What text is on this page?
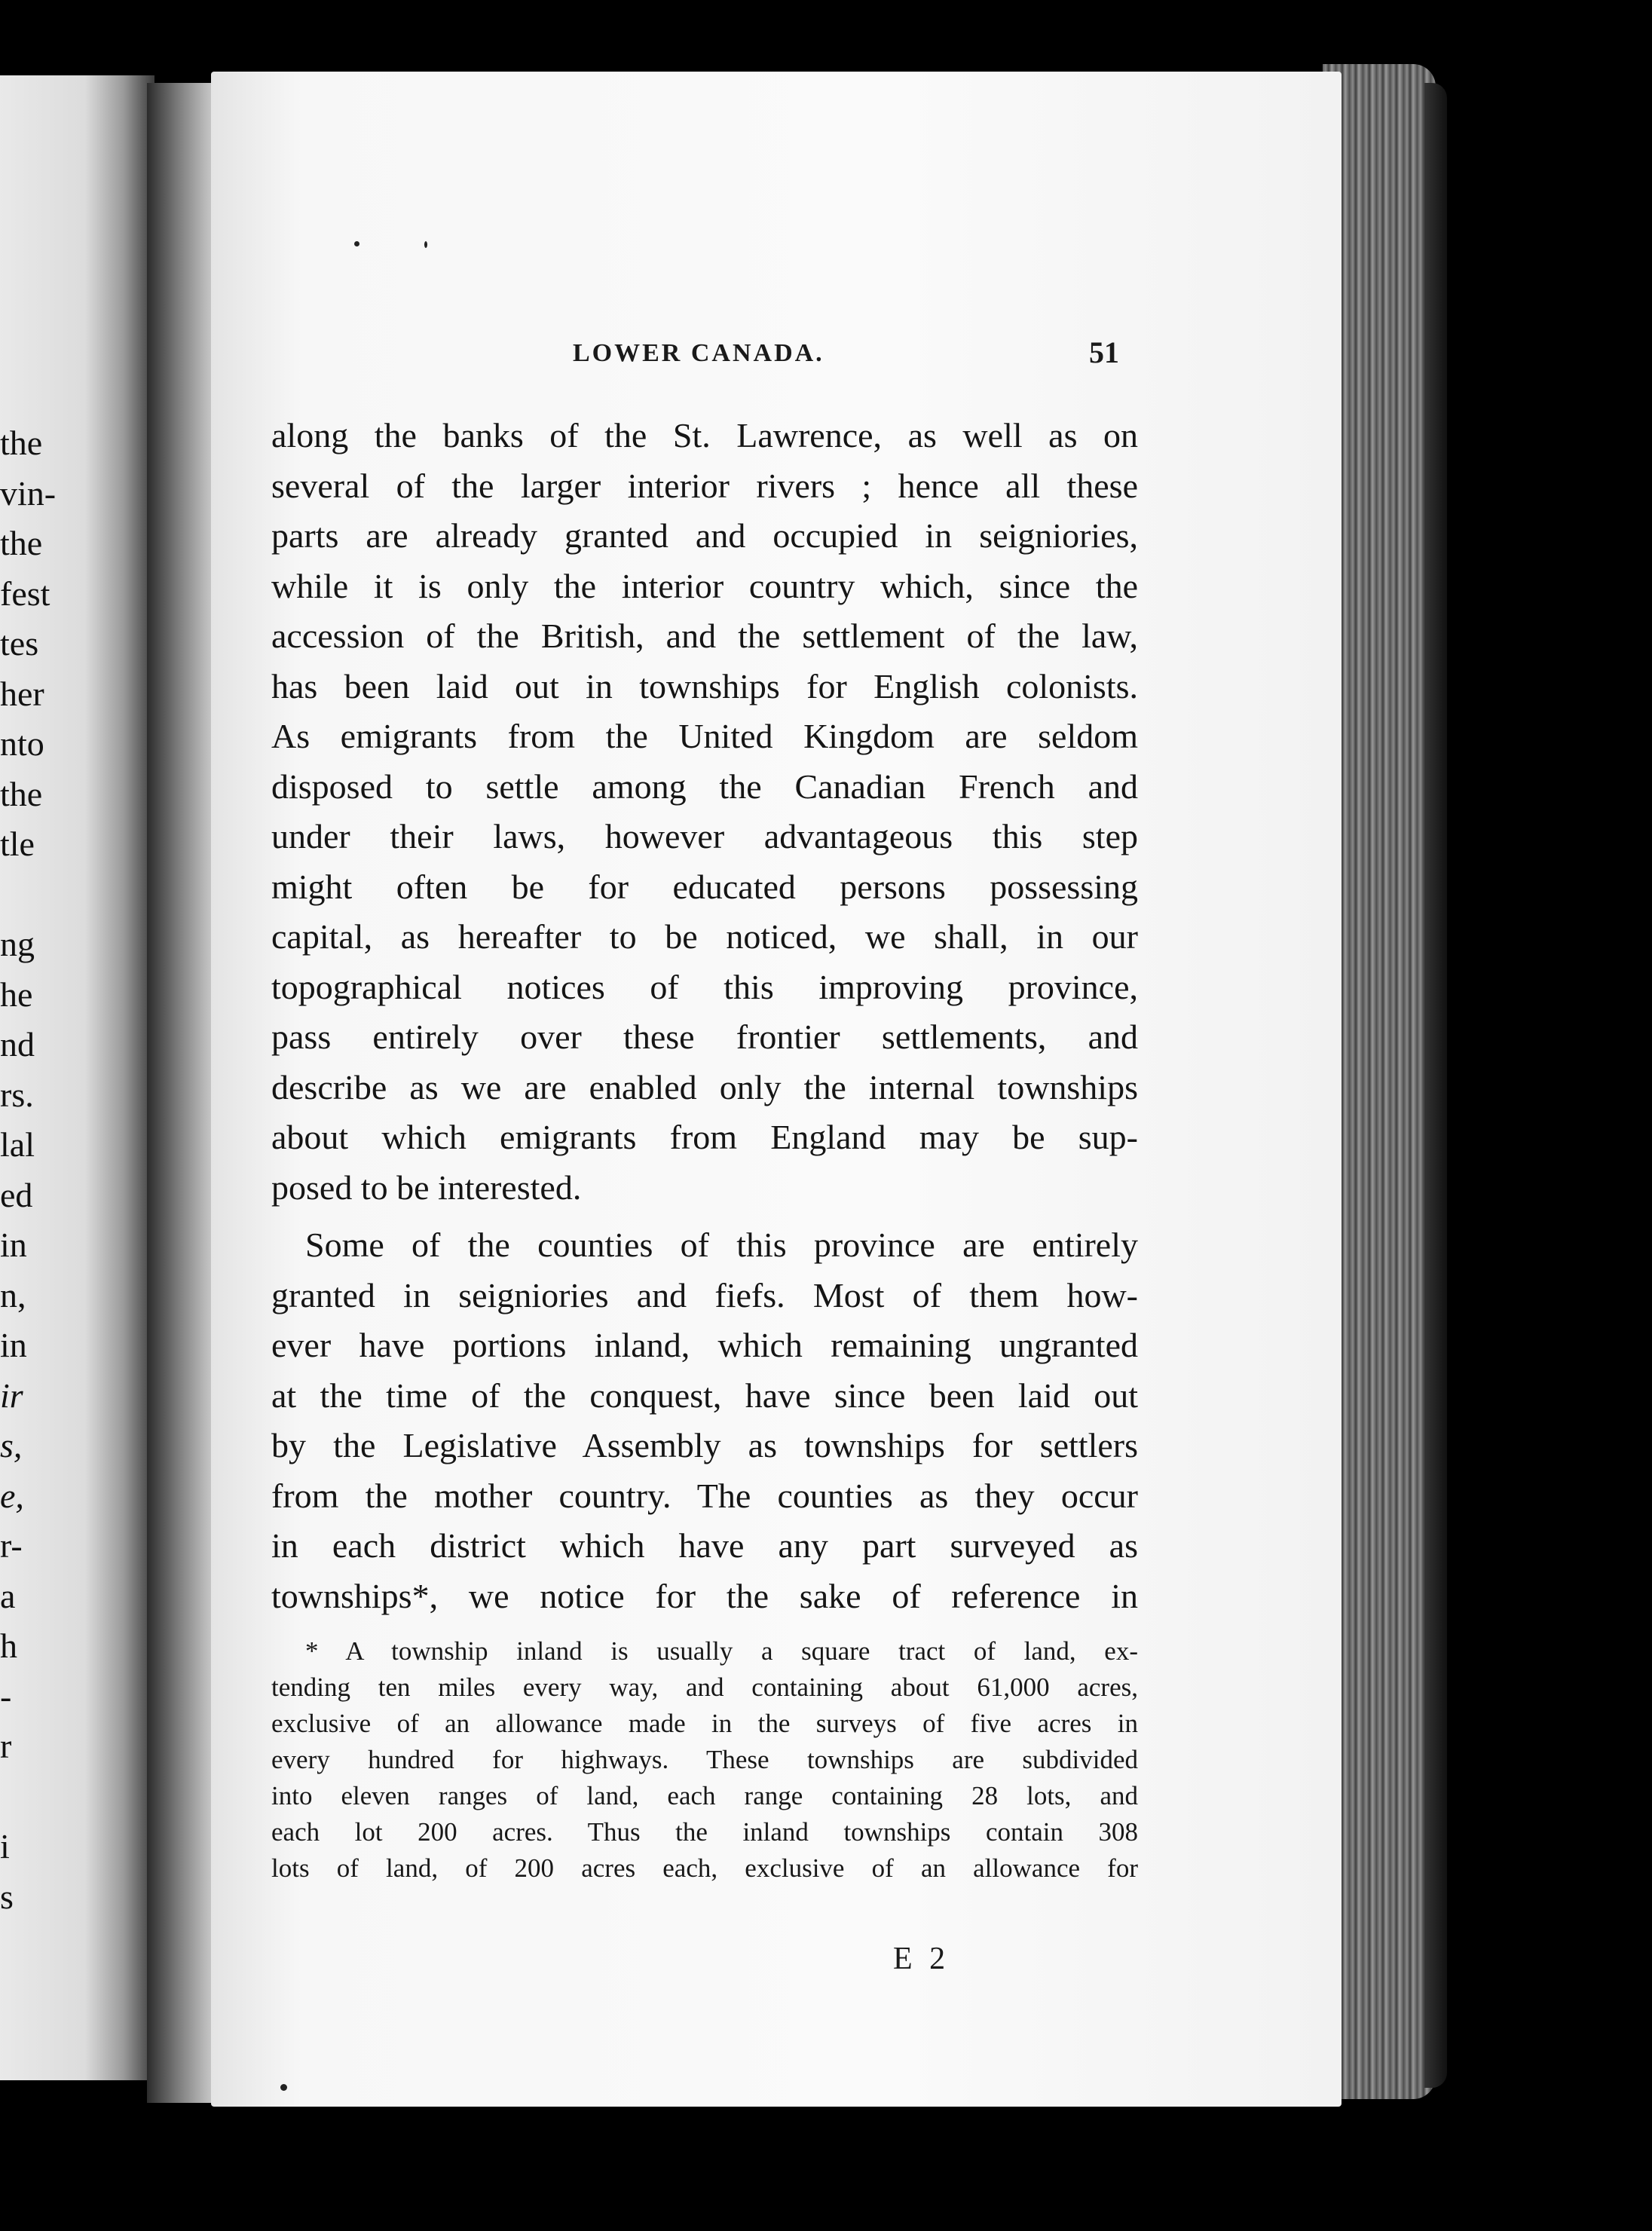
the
vin-
the
fest
tes
her
nto
the
tle
ng
he
nd
rs.
lal
ed
in
n,
in
ir
s,
e,
r-
a
h
-
r
i
s
LOWER CANADA.	51
along the banks of the St. Lawrence, as well as on
several of the larger interior rivers ; hence all these
parts are already granted and occupied in seigniories,
while it is only the interior country which, since the
accession of the British, and the settlement of the law,
has been laid out in townships for English colonists.
As emigrants from the United Kingdom are seldom
disposed to settle among the Canadian French and
under their laws, however advantageous this step
might often be for educated persons possessing
capital, as hereafter to be noticed, we shall, in our
topographical notices of this improving province,
pass entirely over these frontier settlements, and
describe as we are enabled only the internal townships
about which emigrants from England may be sup-
posed to be interested.
Some of the counties of this province are entirely
granted in seigniories and fiefs. Most of them how-
ever have portions inland, which remaining ungranted
at the time of the conquest, have since been laid out
by the Legislative Assembly as townships for settlers
from the mother country. The counties as they occur
in each district which have any part surveyed as
townships*, we notice for the sake of reference in
* A township inland is usually a square tract of land, ex-
tending ten miles every way, and containing about 61,000 acres,
exclusive of an allowance made in the surveys of five acres in
every hundred for highways. These townships are subdivided
into eleven ranges of land, each range containing 28 lots, and
each lot 200 acres. Thus the inland townships contain 308
lots of land, of 200 acres each, exclusive of an allowance for
E 2
